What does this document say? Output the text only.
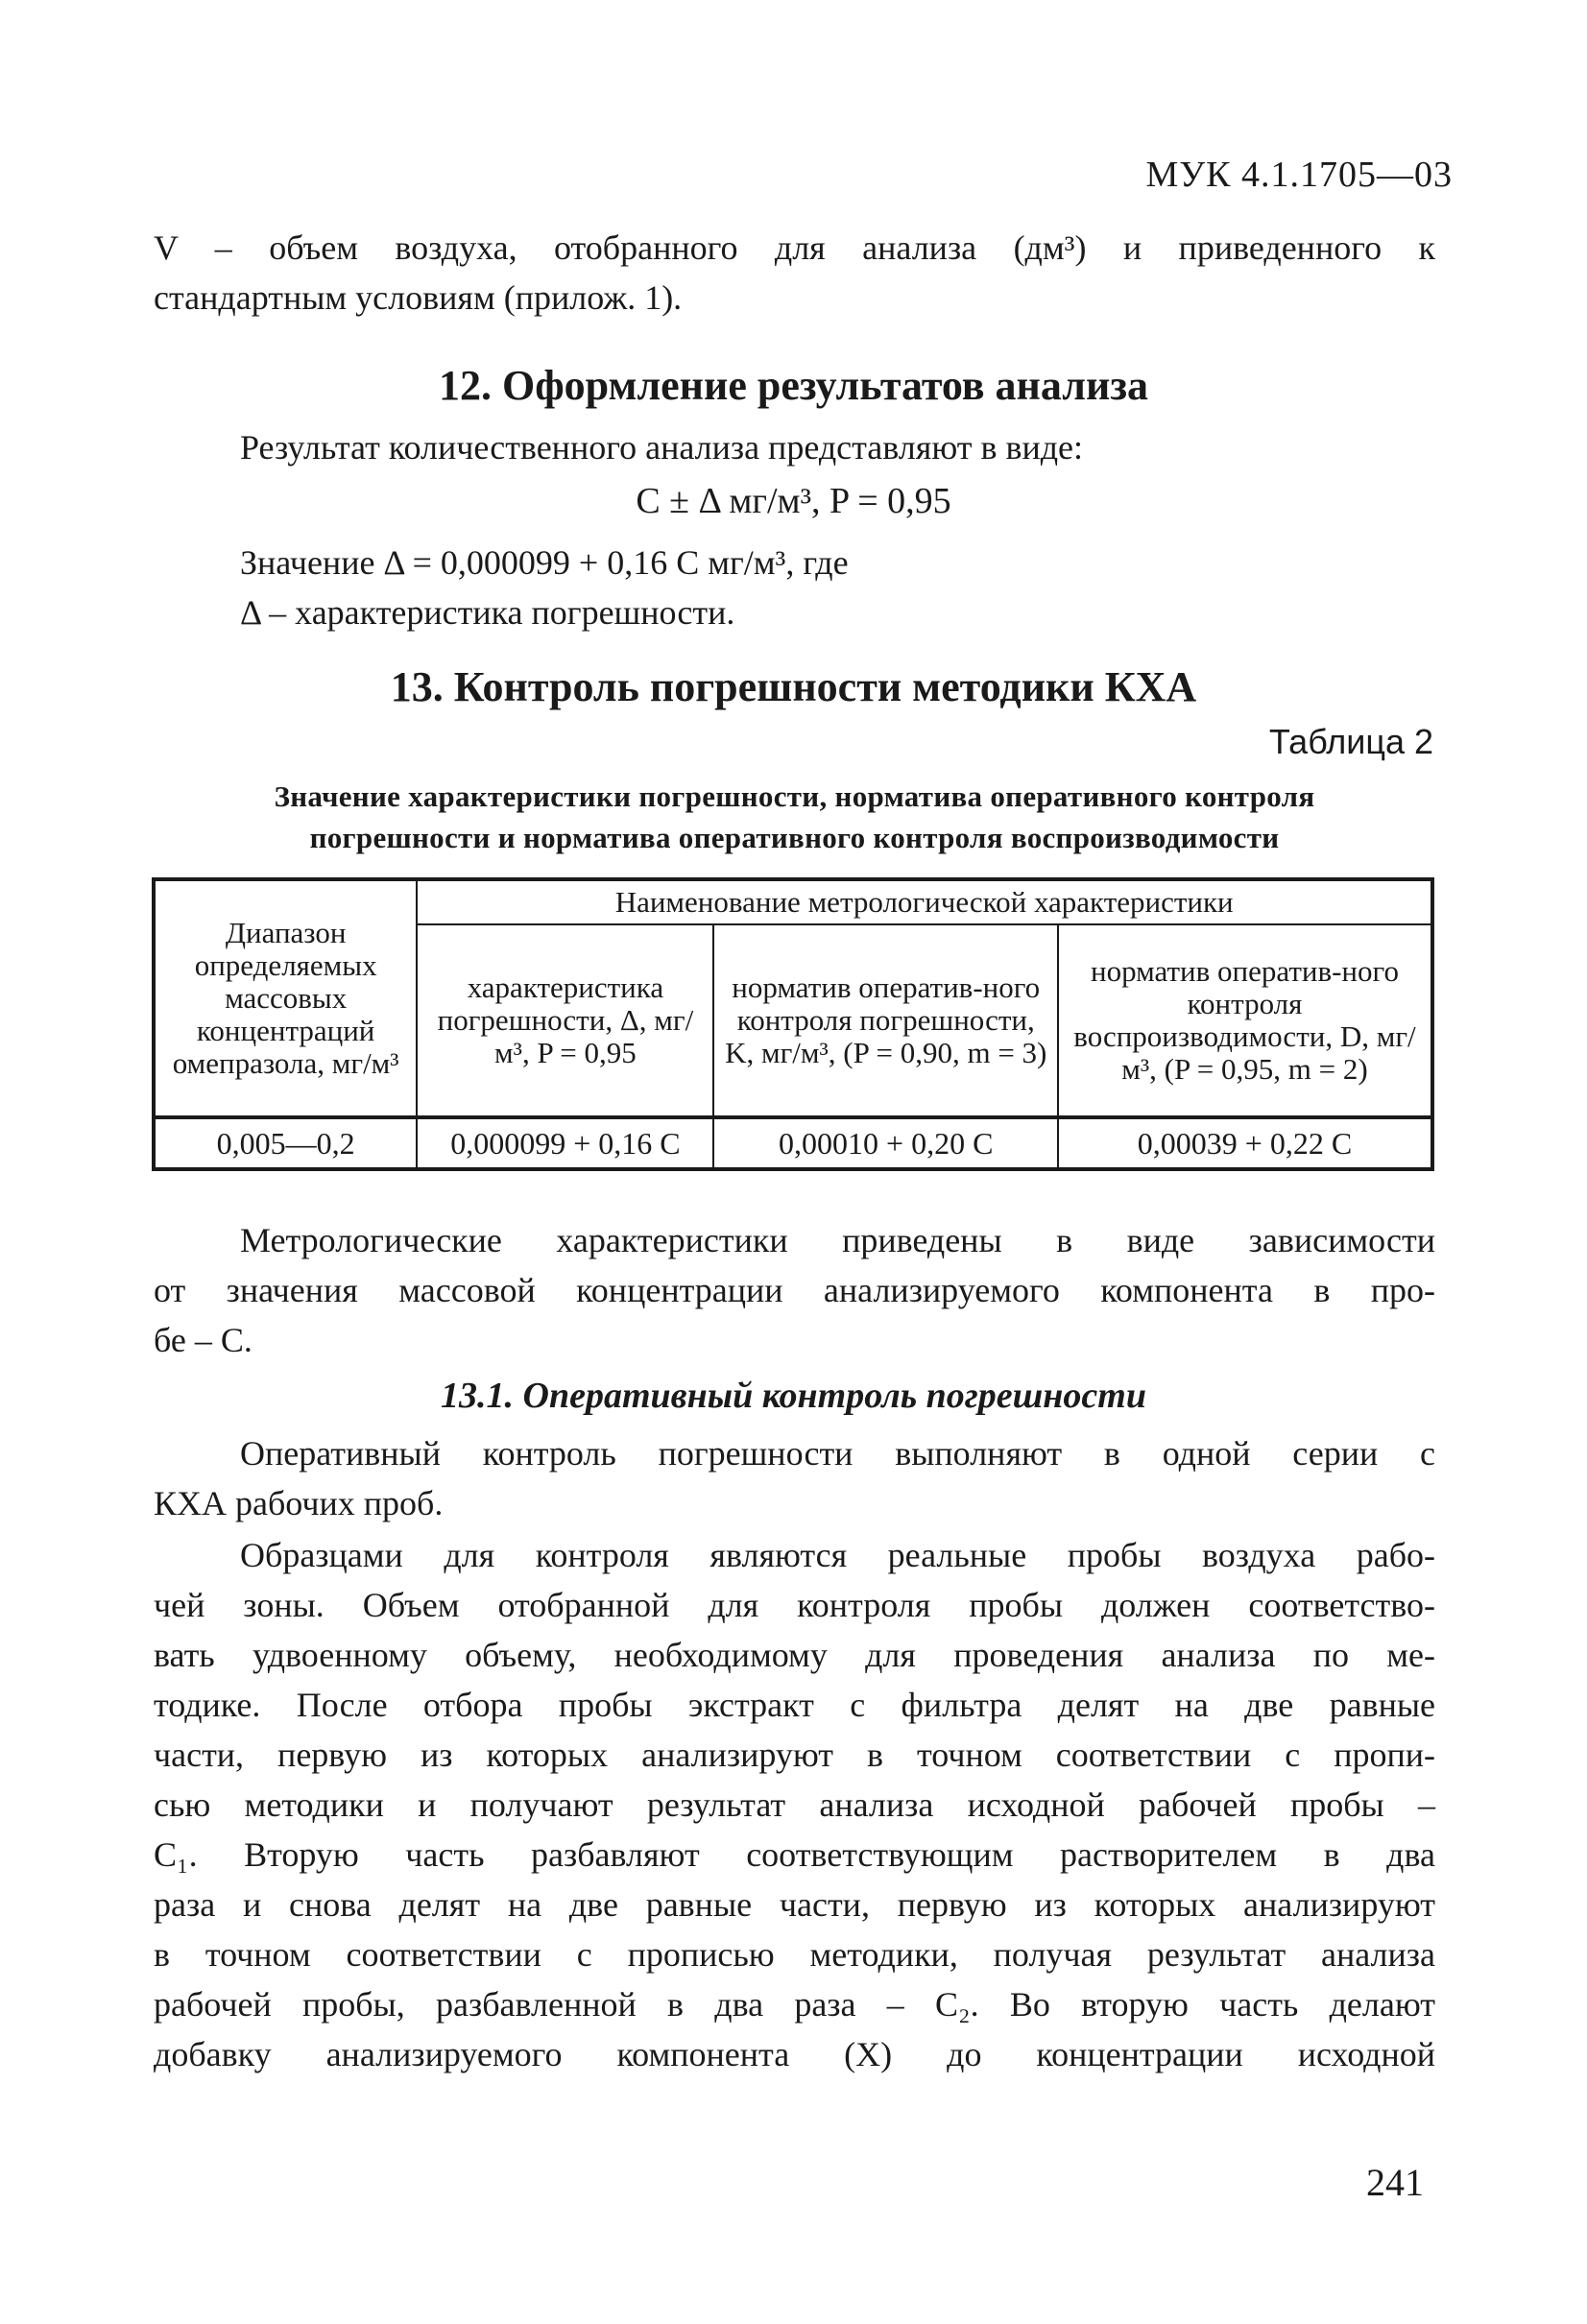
МУК 4.1.1705—03
V – объем воздуха, отобранного для анализа (дм³) и приведенного к
стандартным условиям (прилож. 1).
12. Оформление результатов анализа
Результат количественного анализа представляют в виде:
C ± Δ мг/м³, P = 0,95
Значение Δ = 0,000099 + 0,16 C мг/м³, где
Δ – характеристика погрешности.
13. Контроль погрешности методики КХА
Таблица 2
Значение характеристики погрешности, норматива оперативного контроля
погрешности и норматива оперативного контроля воспроизводимости
Диапазон определяемых массовых концентраций омепразола, мг/м³	Наименование метрологической характеристики		
	характеристика погрешности, Δ, мг/м³, P = 0,95	норматив оператив-ного контроля погрешности, K, мг/м³, (P = 0,90, m = 3)	норматив оператив-ного контроля воспроизводимости, D, мг/м³, (P = 0,95, m = 2)
0,005—0,2	0,000099 + 0,16 C	0,00010 + 0,20 C	0,00039 + 0,22 C
Метрологические характеристики приведены в виде зависимости
от значения массовой концентрации анализируемого компонента в про-
бе – C.
13.1. Оперативный контроль погрешности
Оперативный контроль погрешности выполняют в одной серии с
КХА рабочих проб.
Образцами для контроля являются реальные пробы воздуха рабо-
чей зоны. Объем отобранной для контроля пробы должен соответство-
вать удвоенному объему, необходимому для проведения анализа по ме-
тодике. После отбора пробы экстракт с фильтра делят на две равные
части, первую из которых анализируют в точном соответствии с пропи-
сью методики и получают результат анализа исходной рабочей пробы –
C₁. Вторую часть разбавляют соответствующим растворителем в два
раза и снова делят на две равные части, первую из которых анализируют
в точном соответствии с прописью методики, получая результат анализа
рабочей пробы, разбавленной в два раза – C₂. Во вторую часть делают
добавку анализируемого компонента (X) до концентрации исходной
241
